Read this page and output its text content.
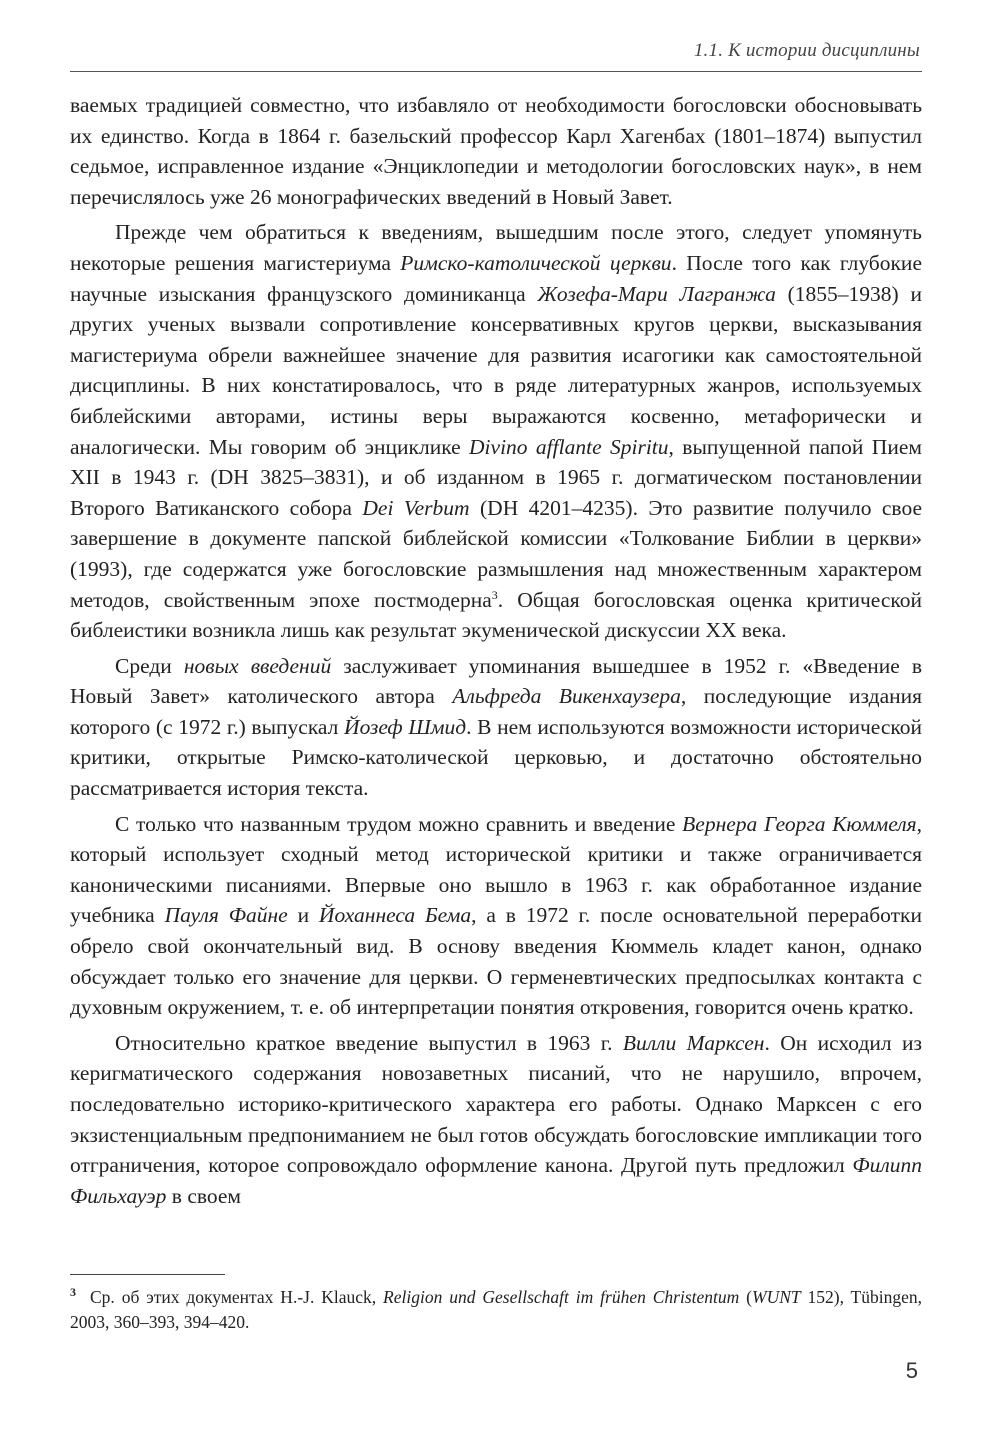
1.1. К истории дисциплины

ваемых традицией совместно, что избавляло от необходимости богословски обосновывать их единство. Когда в 1864 г. базельский профессор Карл Хагенбах (1801–1874) выпустил седьмое, исправленное издание «Энциклопедии и методологии богословских наук», в нем перечислялось уже 26 монографических введений в Новый Завет.

Прежде чем обратиться к введениям, вышедшим после этого, следует упомянуть некоторые решения магистериума Римско-католической церкви. После того как глубокие научные изыскания французского доминиканца Жозефа-Мари Лагранжа (1855–1938) и других ученых вызвали сопротивление консервативных кругов церкви, высказывания магистериума обрели важнейшее значение для развития исагогики как самостоятельной дисциплины. В них констатировалось, что в ряде литературных жанров, используемых библейскими авторами, истины веры выражаются косвенно, метафорически и аналогически. Мы говорим об энциклике Divino afflante Spiritu, выпущенной папой Пием XII в 1943 г. (DH 3825–3831), и об изданном в 1965 г. догматическом постановлении Второго Ватиканского собора Dei Verbum (DH 4201–4235). Это развитие получило свое завершение в документе папской библейской комиссии «Толкование Библии в церкви» (1993), где содержатся уже богословские размышления над множественным характером методов, свойственным эпохе постмодерна$^3$. Общая богословская оценка критической библеистики возникла лишь как результат экуменической дискуссии XX века.

Среди новых введений заслуживает упоминания вышедшее в 1952 г. «Введение в Новый Завет» католического автора Альфреда Викенхаузера, последующие издания которого (с 1972 г.) выпускал Йозеф Шмид. В нем используются возможности исторической критики, открытые Римско-католической церковью, и достаточно обстоятельно рассматривается история текста.

С только что названным трудом можно сравнить и введение Вернера Георга Кюммеля, который использует сходный метод исторической критики и также ограничивается каноническими писаниями. Впервые оно вышло в 1963 г. как обработанное издание учебника Пауля Файне и Йоханнеса Бема, а в 1972 г. после основательной переработки обрело свой окончательный вид. В основу введения Кюммель кладет канон, однако обсуждает только его значение для церкви. О герменевтических предпосылках контакта с духовным окружением, т. е. об интерпретации понятия откровения, говорится очень кратко.

Относительно краткое введение выпустил в 1963 г. Вилли Марксен. Он исходил из керигматического содержания новозаветных писаний, что не нарушило, впрочем, последовательно историко-критического характера его работы. Однако Марксен с его экзистенциальным предпониманием не был готов обсуждать богословские импликации того отграничения, которое сопровождало оформление канона. Другой путь предложил Филипп Фильхауэр в своем

$^3$ Ср. об этих документах H.-J. Klauck, Religion und Gesellschaft im frühen Christentum (WUNT 152), Tübingen, 2003, 360–393, 394–420.
5
